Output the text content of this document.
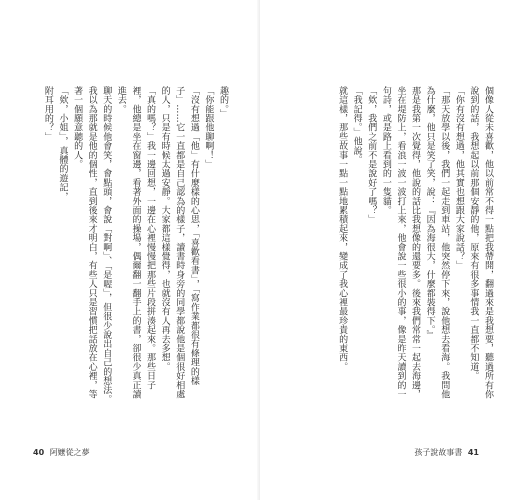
趣的。」

「你能跟他聊啊！」

「沒有想過「他」有什麼樣的心思，「喜歡看書」，「寫作業都很有條理的樣子」……它一直都是自己認為的樣子，讀書時身旁的同學都說他是個很好相處的人，只是有時候太過安靜。大家都這樣覺得，也就沒有人再去多想。

「真的嗎？」我一邊回想，一邊在心裡慢慢把那些片段拼湊起來。那些日子裡，他總是坐在窗邊，看著外面的操場，偶爾翻一翻手上的書，卻很少真正讀進去。

聊天的時候他會笑，會點頭，會說「對啊」、「是喔」，但很少說出自己的想法。我以為那就是他的個性，直到後來才明白，有些人只是習慣把話放在心裡，等著一個願意聽的人。

「欸，小姐」，真體的遊記，

附耳用的？」

40 阿嬤從之夢

個像人從未喜歡，他以前常不得一點把我帶開，翻過來是我想要，聽過所有你說到的話，我想起以前那個安靜的他，原來有很多事情我一直都不知道。

「你有沒有想過，他其實也想跟大家說話？」

「那天放學以後，我們一起走到車站，他突然停下來，說他想去看海。我問他為什麼，他只是笑了笑，說：『因為海很大，什麼都裝得下。』

那是我第一次覺得，他說的話比我想像的還要多。後來我們常常一起去海邊，坐在堤防上，看浪一波一波打上來，他會說一些很小的事，像是昨天讀到的一句詩，或是路上看到的一隻貓。

「欸，我們之前不是說好了嗎？」

「我記得。」他說。

就這樣，那些故事一點一點地累積起來，變成了我心裡最珍貴的東西。

孩子說故事書 41
